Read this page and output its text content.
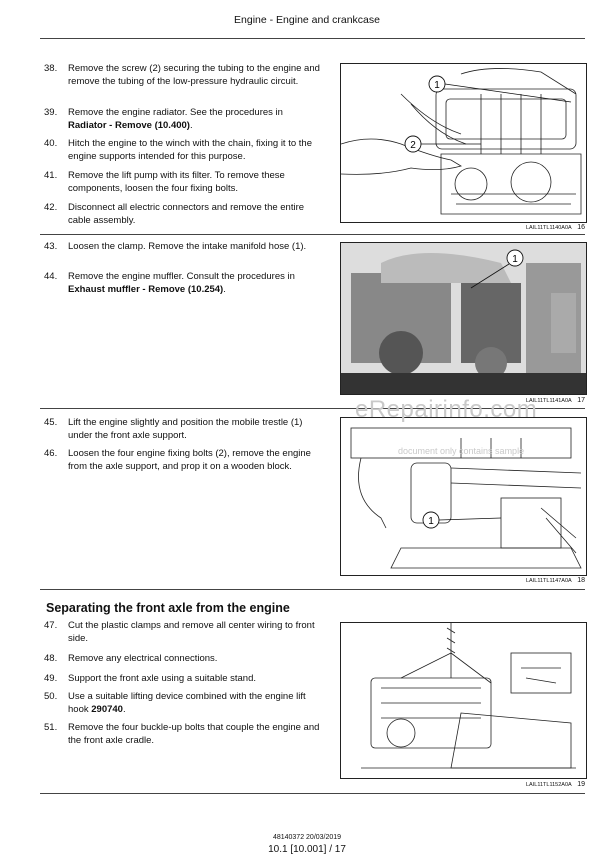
Engine - Engine and crankcase
38.	Remove the screw (2) securing the tubing to the engine and remove the tubing of the low-pressure hydraulic circuit.
39.	Remove the engine radiator. See the procedures in Radiator - Remove (10.400).
40.	Hitch the engine to the winch with the chain, fixing it to the engine supports intended for this purpose.
41.	Remove the lift pump with its filter. To remove these components, loosen the four fixing bolts.
42.	Disconnect all electric connectors and remove the entire cable assembly.
1
2
LAIL11TL1140A0A 16
43.	Loosen the clamp. Remove the intake manifold hose (1).
44.	Remove the engine muffler. Consult the procedures in Exhaust muffler - Remove (10.254).
1
LAIL11TL1141A0A 17
45.	Lift the engine slightly and position the mobile trestle (1) under the front axle support.
46.	Loosen the four engine fixing bolts (2), remove the engine from the axle support, and prop it on a wooden block.
1
LAIL11TL1147A0A 18
Separating the front axle from the engine
47.	Cut the plastic clamps and remove all center wiring to front side.
48.	Remove any electrical connections.
49.	Support the front axle using a suitable stand.
50.	Use a suitable lifting device combined with the engine lift hook 290740.
51.	Remove the four buckle-up bolts that couple the engine and the front axle cradle.
LAIL11TL1152A0A 19
eRepairinfo.com
document only contains sample
48140372 20/03/2019
10.1 [10.001] / 17
